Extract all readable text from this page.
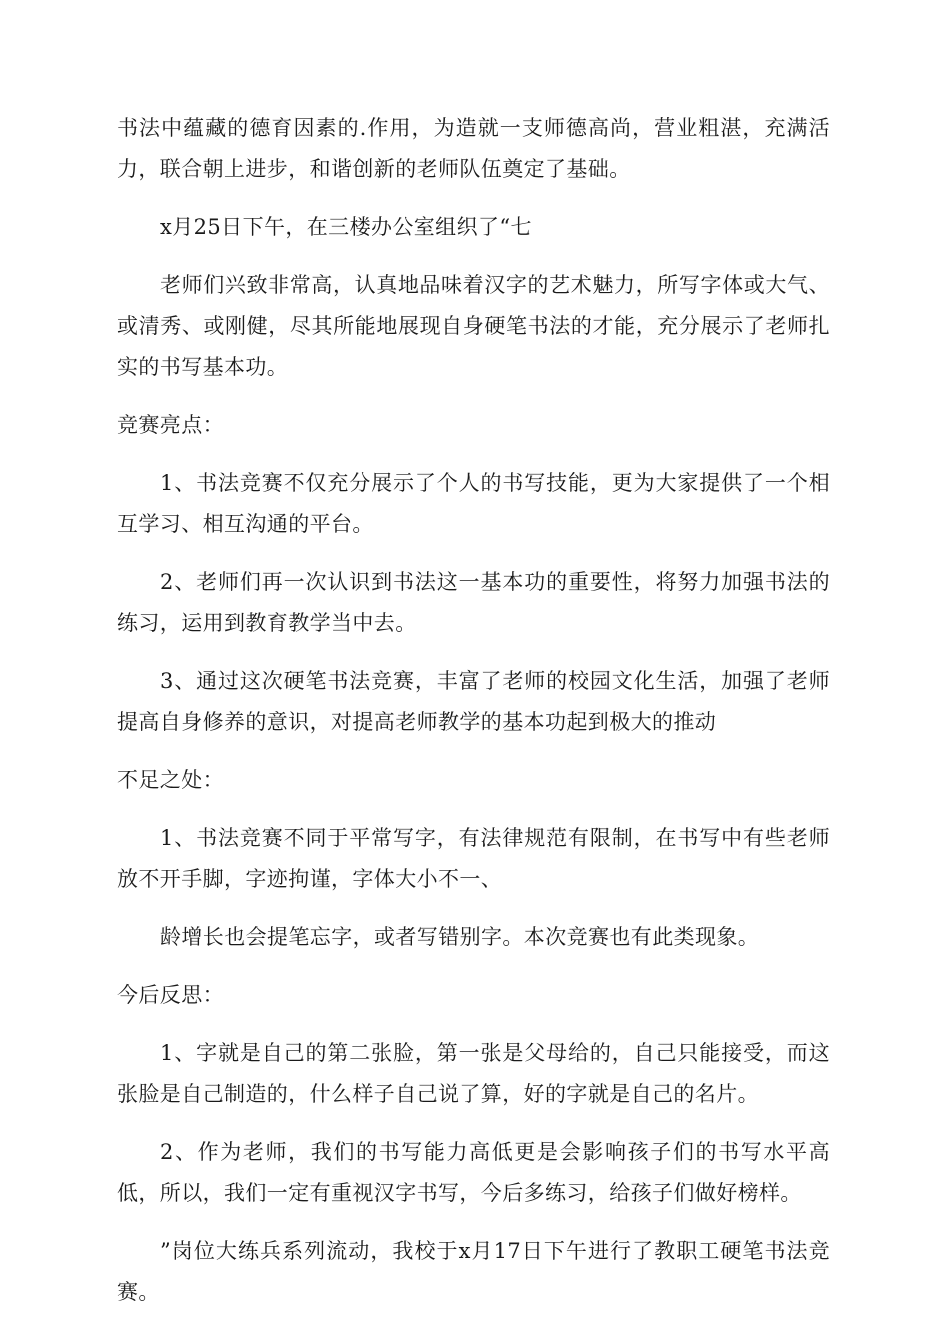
书法中蕴藏的德育因素的.作用，为造就一支师德高尚，营业粗湛，充满活力，联合朝上进步，和谐创新的老师队伍奠定了基础。

x月25日下午，在三楼办公室组织了“七

老师们兴致非常高，认真地品味着汉字的艺术魅力，所写字体或大气、或清秀、或刚健，尽其所能地展现自身硬笔书法的才能，充分展示了老师扎实的书写基本功。

竞赛亮点：

1、书法竞赛不仅充分展示了个人的书写技能，更为大家提供了一个相互学习、相互沟通的平台。

2、老师们再一次认识到书法这一基本功的重要性，将努力加强书法的练习，运用到教育教学当中去。

3、通过这次硬笔书法竞赛，丰富了老师的校园文化生活，加强了老师提高自身修养的意识，对提高老师教学的基本功起到极大的推动

不足之处：

1、书法竞赛不同于平常写字，有法律规范有限制，在书写中有些老师放不开手脚，字迹拘谨，字体大小不一、

龄增长也会提笔忘字，或者写错别字。本次竞赛也有此类现象。

今后反思：

1、字就是自己的第二张脸，第一张是父母给的，自己只能接受，而这张脸是自己制造的，什么样子自己说了算，好的字就是自己的名片。

2、作为老师，我们的书写能力高低更是会影响孩子们的书写水平高低，所以，我们一定有重视汉字书写，今后多练习，给孩子们做好榜样。

”岗位大练兵系列流动，我校于x月17日下午进行了教职工硬笔书法竞赛。
